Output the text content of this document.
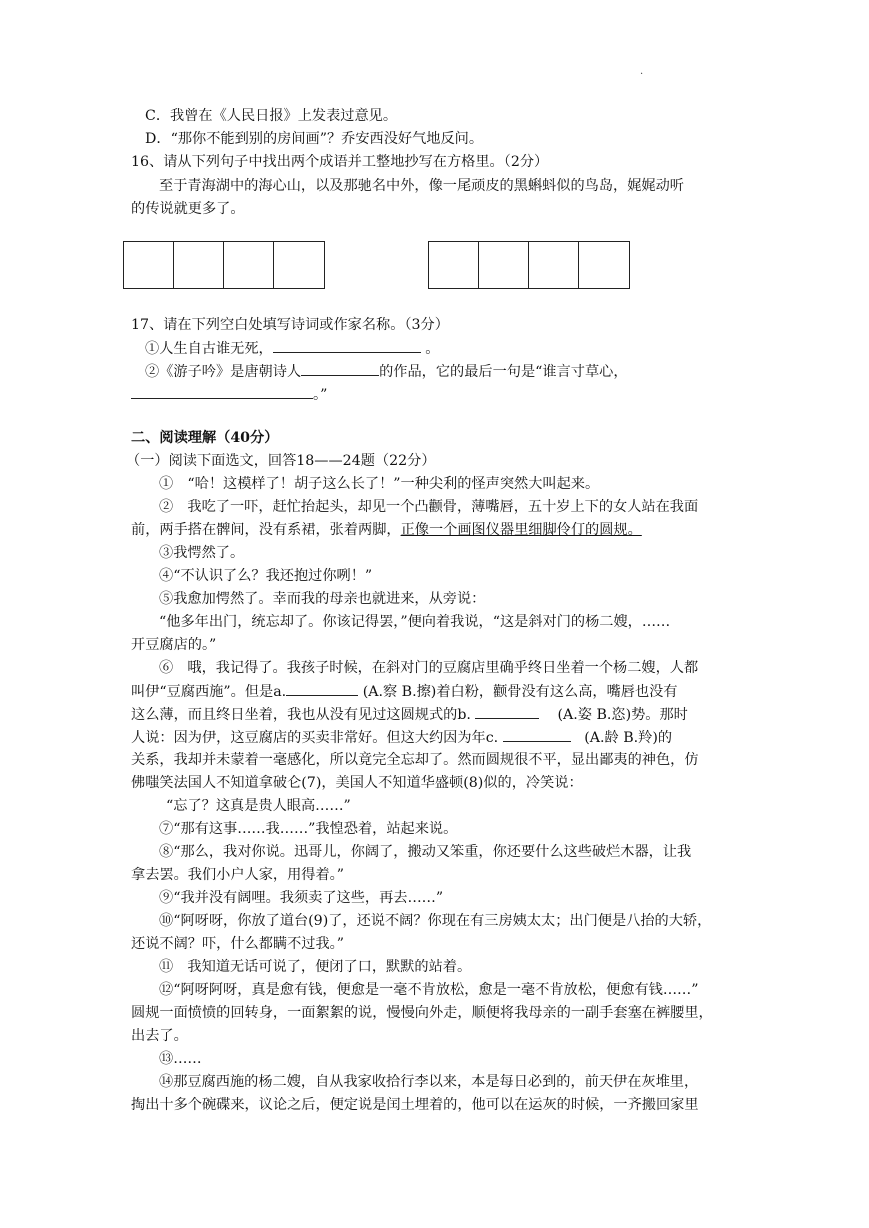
.
C．我曾在《人民日报》上发表过意见。
D．“那你不能到别的房间画”？乔安西没好气地反问。
16、请从下列句子中找出两个成语并工整地抄写在方格里。（2分）
至于青海湖中的海心山，以及那驰名中外，像一尾顽皮的黑蝌蚪似的鸟岛，娓娓动听
的传说就更多了。
17、请在下列空白处填写诗词或作家名称。（3分）
①人生自古谁无死，	。
②《游子吟》是唐朝诗人	的作品，它的最后一句是“谁言寸草心，
。”
二、阅读理解（40分）
（一）阅读下面选文，回答18——24题（22分）
①　“哈！这模样了！胡子这么长了！”一种尖利的怪声突然大叫起来。
②　我吃了一吓，赶忙抬起头，却见一个凸颧骨，薄嘴唇，五十岁上下的女人站在我面
前，两手搭在髀间，没有系裙，张着两脚，正像一个画图仪器里细脚伶仃的圆规。
③我愕然了。
④“不认识了么？我还抱过你咧！”
⑤我愈加愕然了。幸而我的母亲也就进来，从旁说：
“他多年出门，统忘却了。你该记得罢，”便向着我说，“这是斜对门的杨二嫂，……
开豆腐店的。”
⑥　哦，我记得了。我孩子时候，在斜对门的豆腐店里确乎终日坐着一个杨二嫂，人都
叫伊“豆腐西施”。但是a.	(A.察 B.擦)着白粉，颧骨没有这么高，嘴唇也没有
这么薄，而且终日坐着，我也从没有见过这圆规式的b.	(A.姿 B.恣)势。那时
人说：因为伊，这豆腐店的买卖非常好。但这大约因为年c.	(A.龄 B.羚)的
关系，我却并未蒙着一毫感化，所以竟完全忘却了。然而圆规很不平，显出鄙夷的神色，仿
佛嗤笑法国人不知道拿破仑(7)，美国人不知道华盛顿(8)似的，冷笑说：
“忘了？这真是贵人眼高……”
⑦“那有这事……我……”我惶恐着，站起来说。
⑧“那么，我对你说。迅哥儿，你阔了，搬动又笨重，你还要什么这些破烂木器，让我
拿去罢。我们小户人家，用得着。”
⑨“我并没有阔哩。我须卖了这些，再去……”
⑩“阿呀呀，你放了道台(9)了，还说不阔？你现在有三房姨太太；出门便是八抬的大轿，
还说不阔？吓，什么都瞒不过我。”
⑪　我知道无话可说了，便闭了口，默默的站着。
⑫“阿呀阿呀，真是愈有钱，便愈是一毫不肯放松，愈是一毫不肯放松，便愈有钱……”
圆规一面愤愤的回转身，一面絮絮的说，慢慢向外走，顺便将我母亲的一副手套塞在裤腰里，
出去了。
⑬……
⑭那豆腐西施的杨二嫂，自从我家收拾行李以来，本是每日必到的，前天伊在灰堆里，
掏出十多个碗碟来，议论之后，便定说是闰土埋着的，他可以在运灰的时候，一齐搬回家里
